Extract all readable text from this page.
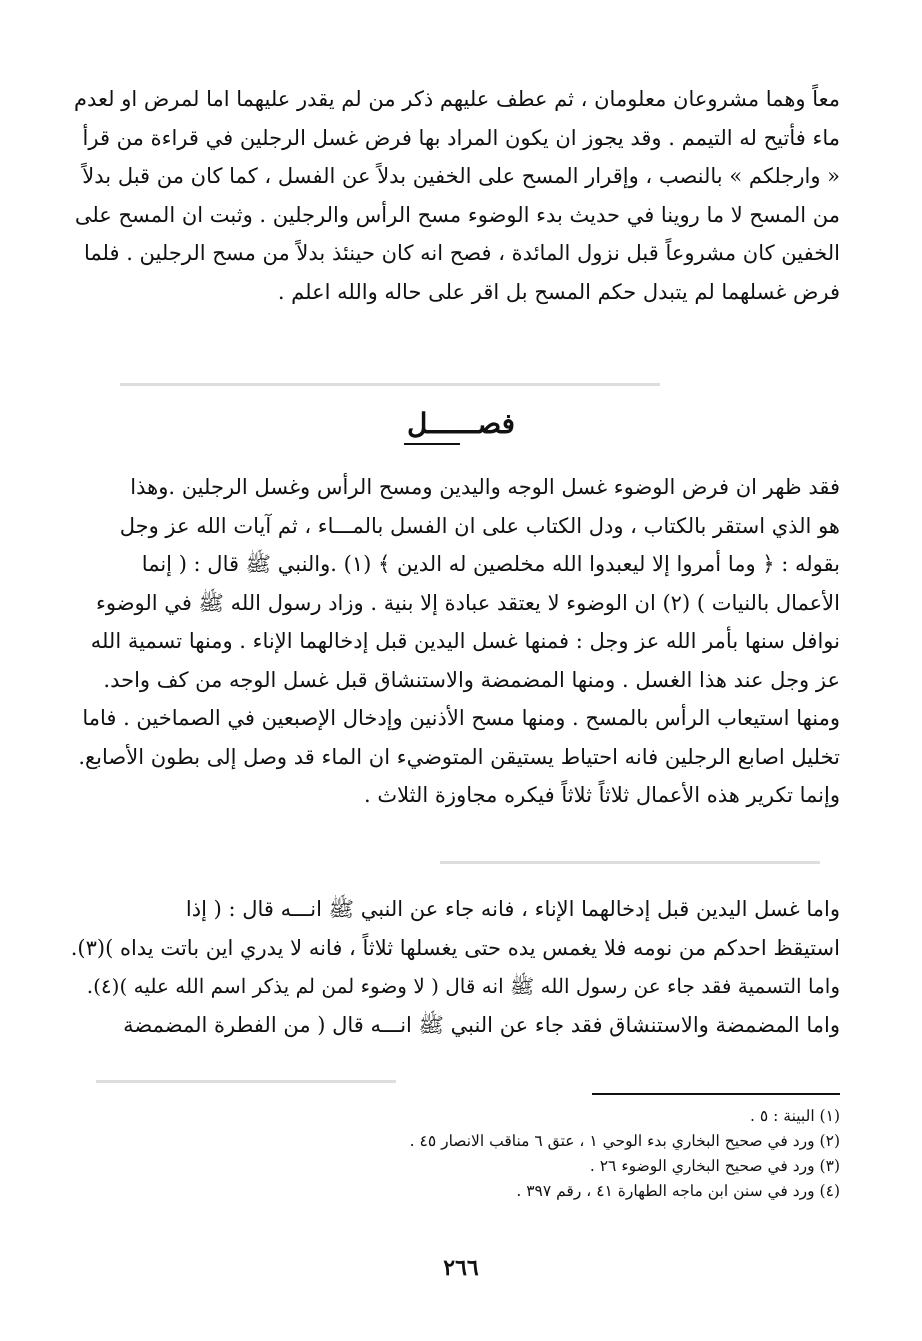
معاً وهما مشروعان معلومان ، ثم عطف عليهم ذكر من لم يقدر عليهما اما لمرض او لعدم
ماء فأتيح له التيمم . وقد يجوز ان يكون المراد بها فرض غسل الرجلين في قراءة من قرأ
« وارجلكم » بالنصب ، وإقرار المسح على الخفين بدلاً عن الفسل ، كما كان من قبل بدلاً
من المسح لا ما روينا في حديث بدء الوضوء مسح الرأس والرجلين . وثبت ان المسح على
الخفين كان مشروعاً قبل نزول المائدة ، فصح انه كان حينئذ بدلاً من مسح الرجلين . فلما
فرض غسلهما لم يتبدل حكم المسح بل اقر على حاله والله اعلم .
فصــــــل
فقد ظهر ان فرض الوضوء غسل الوجه واليدين ومسح الرأس وغسل الرجلين .وهذا
هو الذي استقر بالكتاب ، ودل الكتاب على ان الفسل بالمـــاء ، ثم آيات الله عز وجل
بقوله : ﴿ وما أمروا إلا ليعبدوا الله مخلصين له الدين ﴾ (١) .والنبي ﷺ قال : ( إنما
الأعمال بالنيات ) (٢) ان الوضوء لا يعتقد عبادة إلا بنية . وزاد رسول الله ﷺ في الوضوء
نوافل سنها بأمر الله عز وجل : فمنها غسل اليدين قبل إدخالهما الإناء . ومنها تسمية الله
عز وجل عند هذا الغسل . ومنها المضمضة والاستنشاق قبل غسل الوجه من كف واحد.
ومنها استيعاب الرأس بالمسح . ومنها مسح الأذنين وإدخال الإصبعين في الصماخين . فاما
تخليل اصابع الرجلين فانه احتياط يستيقن المتوضيء ان الماء قد وصل إلى بطون الأصابع.
وإنما تكرير هذه الأعمال ثلاثاً ثلاثاً فيكره مجاوزة الثلاث .
واما غسل اليدين قبل إدخالهما الإناء ، فانه جاء عن النبي ﷺ انـــه قال : ( إذا
استيقظ احدكم من نومه فلا يغمس يده حتى يغسلها ثلاثاً ، فانه لا يدري اين باتت يداه )(٣).
واما التسمية فقد جاء عن رسول الله ﷺ انه قال ( لا وضوء لمن لم يذكر اسم الله عليه )(٤).
واما المضمضة والاستنشاق فقد جاء عن النبي ﷺ انـــه قال ( من الفطرة المضمضة
(١) البينة : ٥ .
(٢) ورد في صحيح البخاري بدء الوحي ١ ، عتق ٦ مناقب الانصار ٤٥ .
(٣) ورد في صحيح البخاري الوضوء ٢٦ .
(٤) ورد في سنن ابن ماجه الطهارة ٤١ ، رقم ٣٩٧ .
٢٦٦
